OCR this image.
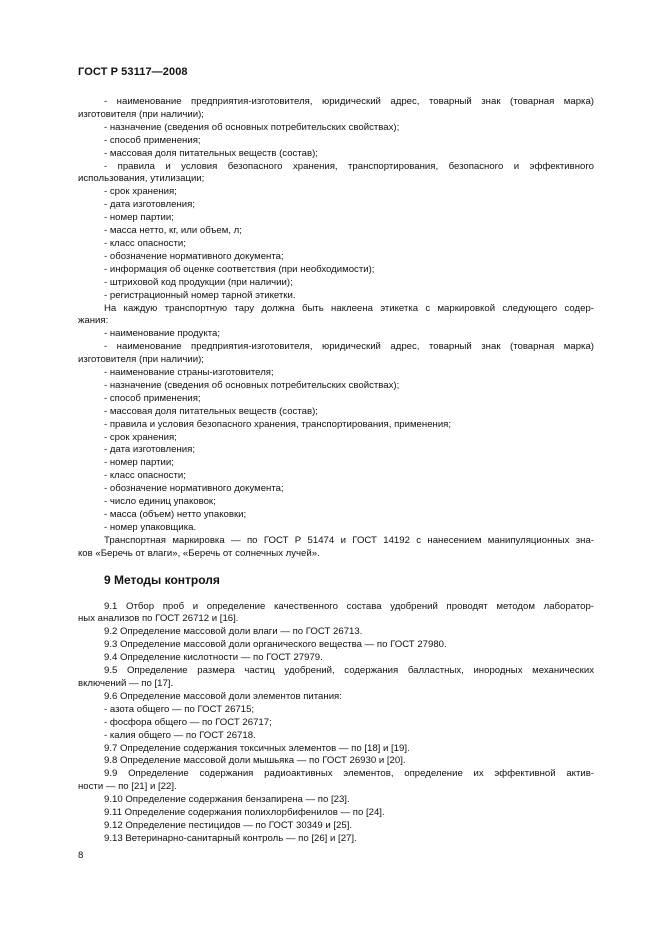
ГОСТ Р 53117—2008

- наименование предприятия-изготовителя, юридический адрес, товарный знак (товарная марка)

изготовителя (при наличии);

- назначение (сведения об основных потребительских свойствах);

- способ применения;

- массовая доля питательных веществ (состав);

- правила и условия безопасного хранения, транспортирования, безопасного и эффективного

использования, утилизации;

- срок хранения;

- дата изготовления;

- номер партии;

- масса нетто, кг, или объем, л;

- класс опасности;

- обозначение нормативного документа;

- информация об оценке соответствия (при необходимости);

- штриховой код продукции (при наличии);

- регистрационный номер тарной этикетки.

На каждую транспортную тару должна быть наклеена этикетка с маркировкой следующего содер-

жания:

- наименование продукта;

- наименование предприятия-изготовителя, юридический адрес, товарный знак (товарная марка)

изготовителя (при наличии);

- наименование страны-изготовителя;

- назначение (сведения об основных потребительских свойствах);

- способ применения;

- массовая доля питательных веществ (состав);

- правила и условия безопасного хранения, транспортирования, применения;

- срок хранения;

- дата изготовления;

- номер партии;

- класс опасности;

- обозначение нормативного документа;

- число единиц упаковок;

- масса (объем) нетто упаковки;

- номер упаковщика.

Транспортная маркировка — по ГОСТ Р 51474 и ГОСТ 14192 с нанесением манипуляционных зна-

ков «Беречь от влаги», «Беречь от солнечных лучей».

9 Методы контроля

9.1 Отбор проб и определение качественного состава удобрений проводят методом лаборатор-

ных анализов по ГОСТ 26712 и [16].

9.2 Определение массовой доли влаги — по ГОСТ 26713.

9.3 Определение массовой доли органического вещества — по ГОСТ 27980.

9.4 Определение кислотности — по ГОСТ 27979.

9.5 Определение размера частиц удобрений, содержания балластных, инородных механических

включений — по [17].

9.6 Определение массовой доли элементов питания:

- азота общего — по ГОСТ 26715;

- фосфора общего — по ГОСТ 26717;

- калия общего — по ГОСТ 26718.

9.7 Определение содержания токсичных элементов — по [18] и [19].

9.8 Определение массовой доли мышьяка — по ГОСТ 26930 и [20].

9.9 Определение содержания радиоактивных элементов, определение их эффективной актив-

ности — по [21] и [22].

9.10 Определение содержания бензапирена — по [23].

9.11 Определение содержания полихлорбифенилов — по [24].

9.12 Определение пестицидов — по ГОСТ 30349 и [25].

9.13 Ветеринарно-санитарный контроль — по [26] и [27].

8
